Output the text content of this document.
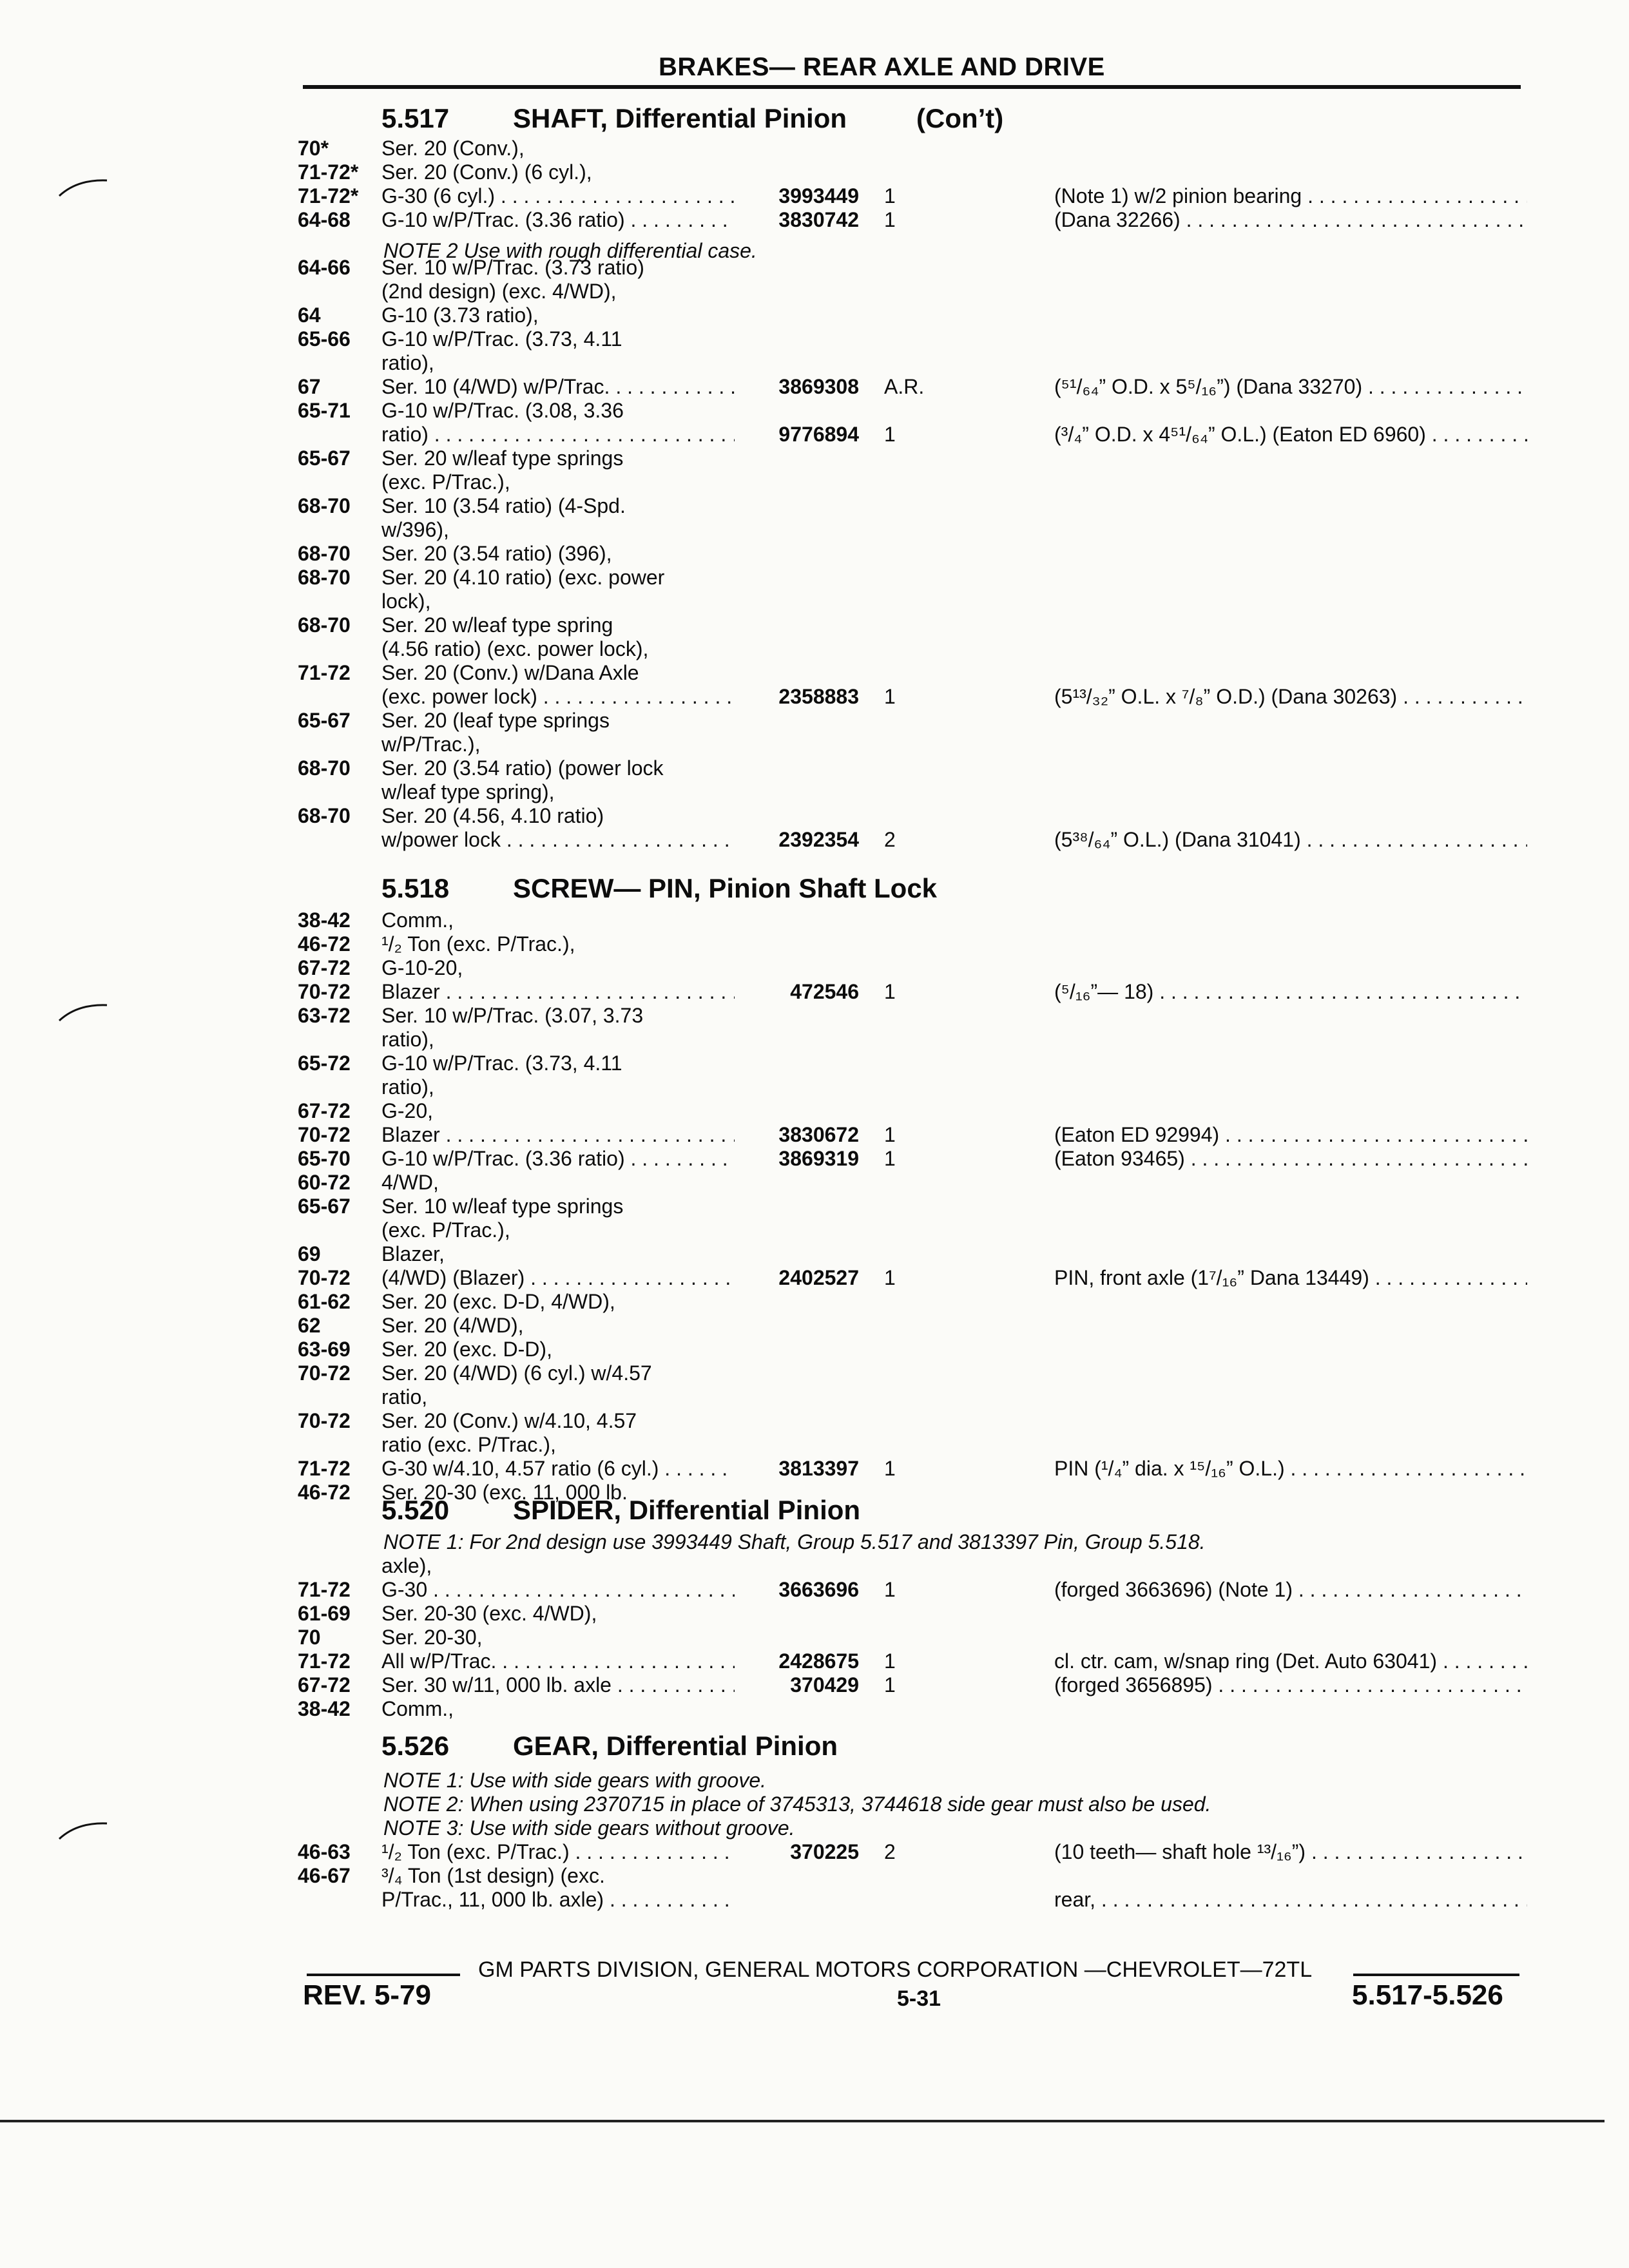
BRAKES— REAR AXLE AND DRIVE
5.517 SHAFT, Differential Pinion	(Con’t)
5.518 SCREW— PIN, Pinion Shaft Lock
5.520 SPIDER, Differential Pinion
5.526 GEAR, Differential Pinion
NOTE 2 Use with rough differential case.
NOTE 1: For 2nd design use 3993449 Shaft, Group 5.517 and 3813397 Pin, Group 5.518.
NOTE 1: Use with side gears with groove.
NOTE 2: When using 2370715 in place of 3745313, 3744618 side gear must also be used.
NOTE 3: Use with side gears without groove.
70*	Ser. 20 (Conv.),
71-72* Ser. 20 (Conv.) (6 cyl.),
71-72* G-30 (6 cyl.) . . .	3993449 1	(Note 1) w/2 pinion bearing . . .
64-68 G-10 w/P/Trac. (3.36 ratio) . . .	3830742 1	(Dana 32266) . . .
64-66 Ser. 10 w/P/Trac. (3.73 ratio)
(2nd design) (exc. 4/WD),
64	G-10 (3.73 ratio),
65-66 G-10 w/P/Trac. (3.73, 4.11
ratio),
67	Ser. 10 (4/WD) w/P/Trac. . . .	3869308 A.R.	(⁵¹/₆₄” O.D. x 5⁵/₁₆”) (Dana 33270) . . .
65-71 G-10 w/P/Trac. (3.08, 3.36
ratio) . . .	9776894 1	(³/₄” O.D. x 4⁵¹/₆₄” O.L.) (Eaton ED 6960) . . .
65-67 Ser. 20 w/leaf type springs
(exc. P/Trac.),
68-70 Ser. 10 (3.54 ratio) (4-Spd.
w/396),
68-70 Ser. 20 (3.54 ratio) (396),
68-70 Ser. 20 (4.10 ratio) (exc. power
lock),
68-70 Ser. 20 w/leaf type spring
(4.56 ratio) (exc. power lock),
71-72 Ser. 20 (Conv.) w/Dana Axle
(exc. power lock) . . .	2358883 1	(5¹³/₃₂” O.L. x ⁷/₈” O.D.) (Dana 30263) . . .
65-67 Ser. 20 (leaf type springs
w/P/Trac.),
68-70 Ser. 20 (3.54 ratio) (power lock
w/leaf type spring),
68-70 Ser. 20 (4.56, 4.10 ratio)
w/power lock . . .	2392354 2	(5³⁸/₆₄” O.L.) (Dana 31041) . . .
38-42 Comm.,
46-72 ¹/₂ Ton (exc. P/Trac.),
67-72 G-10-20,
70-72 Blazer . . .	472546 1	(⁵/₁₆”— 18) . . .
63-72 Ser. 10 w/P/Trac. (3.07, 3.73
ratio),
65-72 G-10 w/P/Trac. (3.73, 4.11
ratio),
67-72 G-20,
70-72 Blazer . . .	3830672 1	(Eaton ED 92994) . . .
65-70 G-10 w/P/Trac. (3.36 ratio) . . .	3869319 1	(Eaton 93465) . . .
60-72 4/WD,
65-67 Ser. 10 w/leaf type springs
(exc. P/Trac.),
69	Blazer,
70-72 (4/WD) (Blazer) . . .	2402527 1	PIN, front axle (1⁷/₁₆” Dana 13449) . . .
61-62 Ser. 20 (exc. D-D, 4/WD),
62	Ser. 20 (4/WD),
63-69 Ser. 20 (exc. D-D),
70-72 Ser. 20 (4/WD) (6 cyl.) w/4.57
ratio,
70-72 Ser. 20 (Conv.) w/4.10, 4.57
ratio (exc. P/Trac.),
71-72 G-30 w/4.10, 4.57 ratio (6 cyl.) . . .	3813397 1	PIN (¹/₄” dia. x ¹⁵/₁₆” O.L.) . . .
46-72 Ser. 20-30 (exc. 11, 000 lb.
axle),
71-72 G-30 . . .	3663696 1	(forged 3663696) (Note 1) . . .
61-69 Ser. 20-30 (exc. 4/WD),
70	Ser. 20-30,
71-72 All w/P/Trac. . . .	2428675 1	cl. ctr. cam, w/snap ring (Det. Auto 63041) . . .
67-72 Ser. 30 w/11, 000 lb. axle . . .	370429 1	(forged 3656895) . . .
38-42 Comm.,
46-63 ¹/₂ Ton (exc. P/Trac.) . . .	370225 2	(10 teeth— shaft hole ¹³/₁₆”) . . .
46-67 ³/₄ Ton (1st design) (exc.
P/Trac., 11, 000 lb. axle) . . .	rear, . . .
GM PARTS DIVISION, GENERAL MOTORS CORPORATION —CHEVROLET—72TL
REV. 5-79	5-31	5.517-5.526
